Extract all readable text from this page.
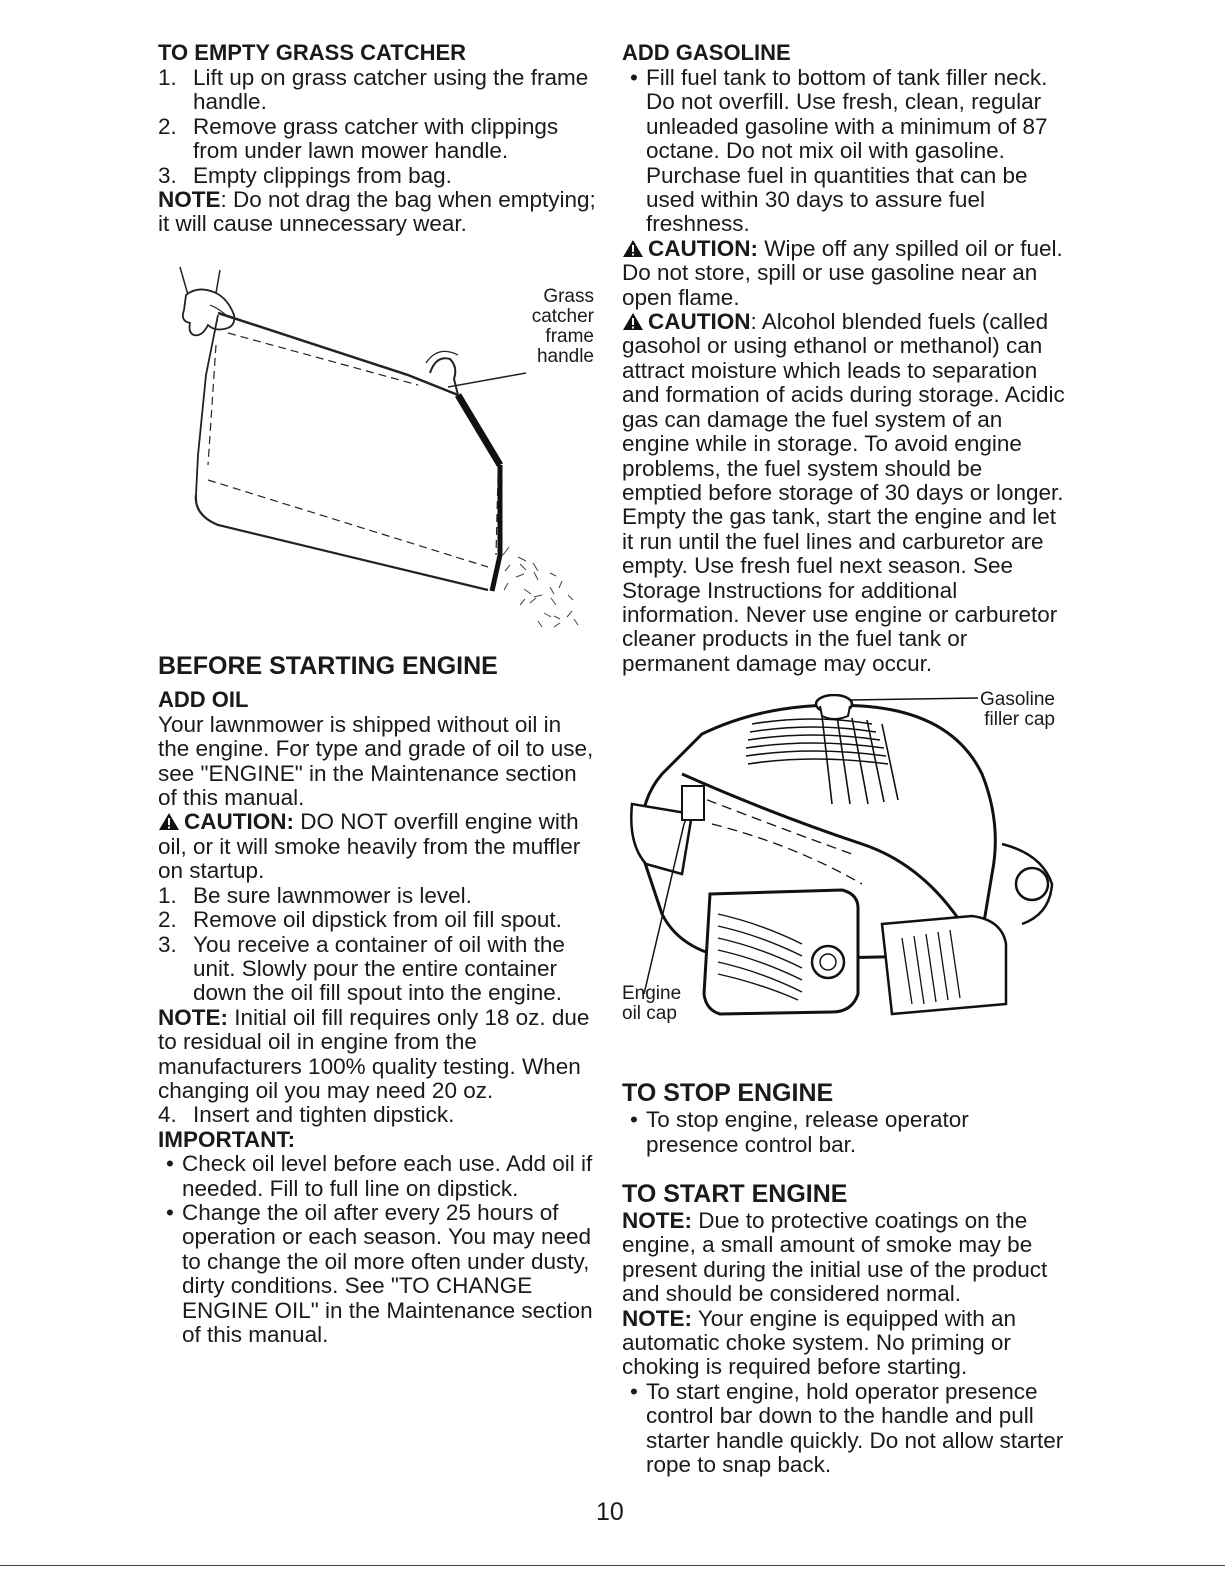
TO EMPTY GRASS CATCHER
1. Lift up on grass catcher using the frame handle.
2. Remove grass catcher with clippings from under lawn mower handle.
3. Empty clippings from bag.

NOTE: Do not drag the bag when emptying; it will cause unnecessary wear.

Grass
catcher
frame
handle
BEFORE STARTING ENGINE
ADD OIL

Your lawnmower is shipped without oil in the engine. For type and grade of oil to use, see "ENGINE" in the Maintenance section of this manual.

CAUTION: DO NOT overfill engine with oil, or it will smoke heavily from the muffler on startup.

1. Be sure lawnmower is level.
2. Remove oil dipstick from oil fill spout.
3. You receive a container of oil with the unit. Slowly pour the entire container down the oil fill spout into the engine.

NOTE: Initial oil fill requires only 18 oz. due to residual oil in engine from the manufacturers 100% quality testing. When changing oil you may need 20 oz.

4. Insert and tighten dipstick.

IMPORTANT:

• Check oil level before each use. Add oil if needed. Fill to full line on dipstick.
• Change the oil after every 25 hours of operation or each season. You may need to change the oil more often under dusty, dirty conditions. See "TO CHANGE ENGINE OIL" in the Maintenance section of this manual.
ADD GASOLINE
• Fill fuel tank to bottom of tank filler neck. Do not overfill. Use fresh, clean, regular unleaded gasoline with a minimum of 87 octane. Do not mix oil with gasoline. Purchase fuel in quantities that can be used within 30 days to assure fuel freshness.

CAUTION: Wipe off any spilled oil or fuel. Do not store, spill or use gasoline near an open flame.

CAUTION: Alcohol blended fuels (called gasohol or using ethanol or methanol) can attract moisture which leads to separation and formation of acids during storage. Acidic gas can damage the fuel system of an engine while in storage. To avoid engine problems, the fuel system should be emptied before storage of 30 days or longer. Empty the gas tank, start the engine and let it run until the fuel lines and carburetor are empty. Use fresh fuel next season. See Storage Instructions for additional information. Never use engine or carburetor cleaner products in the fuel tank or permanent damage may occur.

Gasoline
filler cap
Engine
oil cap
TO STOP ENGINE
• To stop engine, release operator presence control bar.
TO START ENGINE

NOTE: Due to protective coatings on the engine, a small amount of smoke may be present during the initial use of the product and should be considered normal.

NOTE: Your engine is equipped with an automatic choke system. No priming or choking is required before starting.

• To start engine, hold operator presence control bar down to the handle and pull starter handle quickly. Do not allow starter rope to snap back.
10
